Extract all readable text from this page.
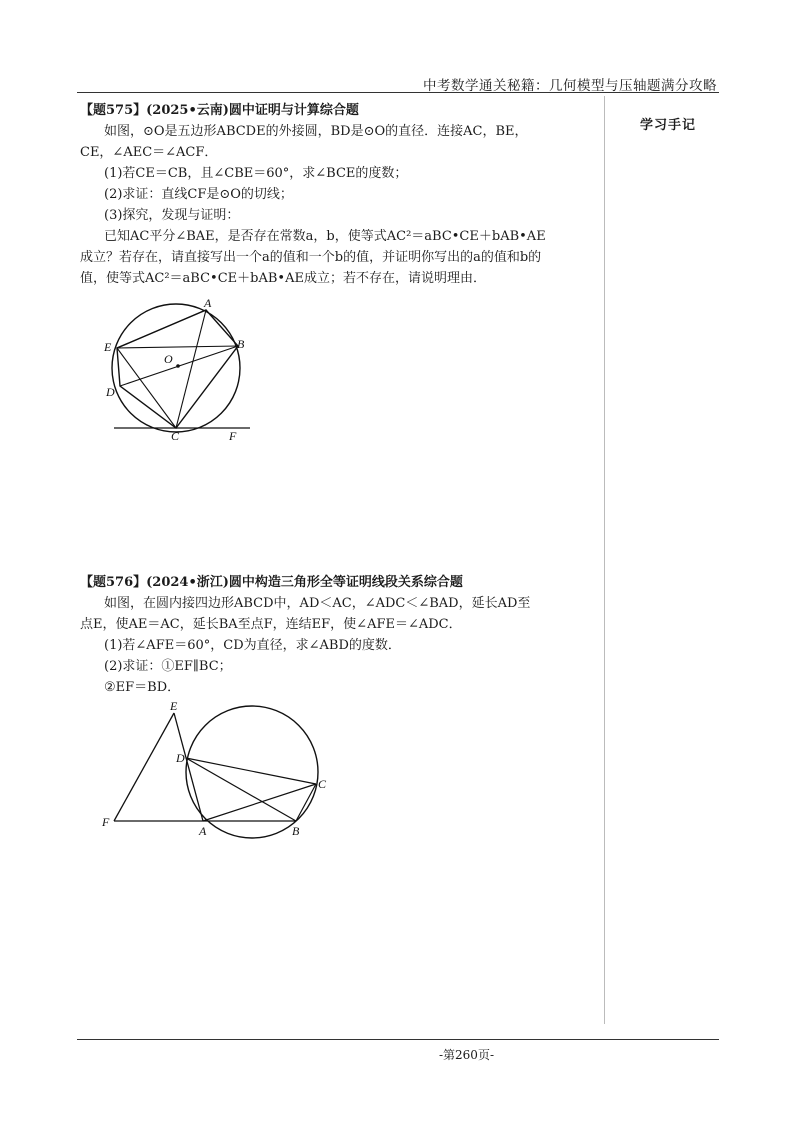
中考数学通关秘籍：几何模型与压轴题满分攻略
学习手记

【题575】(2025•云南)圆中证明与计算综合题

如图，⊙O是五边形ABCDE的外接圆，BD是⊙O的直径．连接AC，BE，

CE，∠AEC＝∠ACF．

(1)若CE＝CB，且∠CBE＝60°，求∠BCE的度数；

(2)求证：直线CF是⊙O的切线；

(3)探究，发现与证明：

已知AC平分∠BAE，是否存在常数a，b，使等式AC²＝aBC•CE＋bAB•AE

成立？若存在，请直接写出一个a的值和一个b的值，并证明你写出的a的值和b的

值，使等式AC²＝aBC•CE＋bAB•AE成立；若不存在，请说明理由．

A
B
C
D
E
F
O

【题576】(2024•浙江)圆中构造三角形全等证明线段关系综合题

如图，在圆内接四边形ABCD中，AD＜AC，∠ADC＜∠BAD，延长AD至

点E，使AE＝AC，延长BA至点F，连结EF，使∠AFE＝∠ADC．

(1)若∠AFE＝60°，CD为直径，求∠ABD的度数．

(2)求证：①EF∥BC；

②EF＝BD．

E
D
C
F
A	B
-第260页-
